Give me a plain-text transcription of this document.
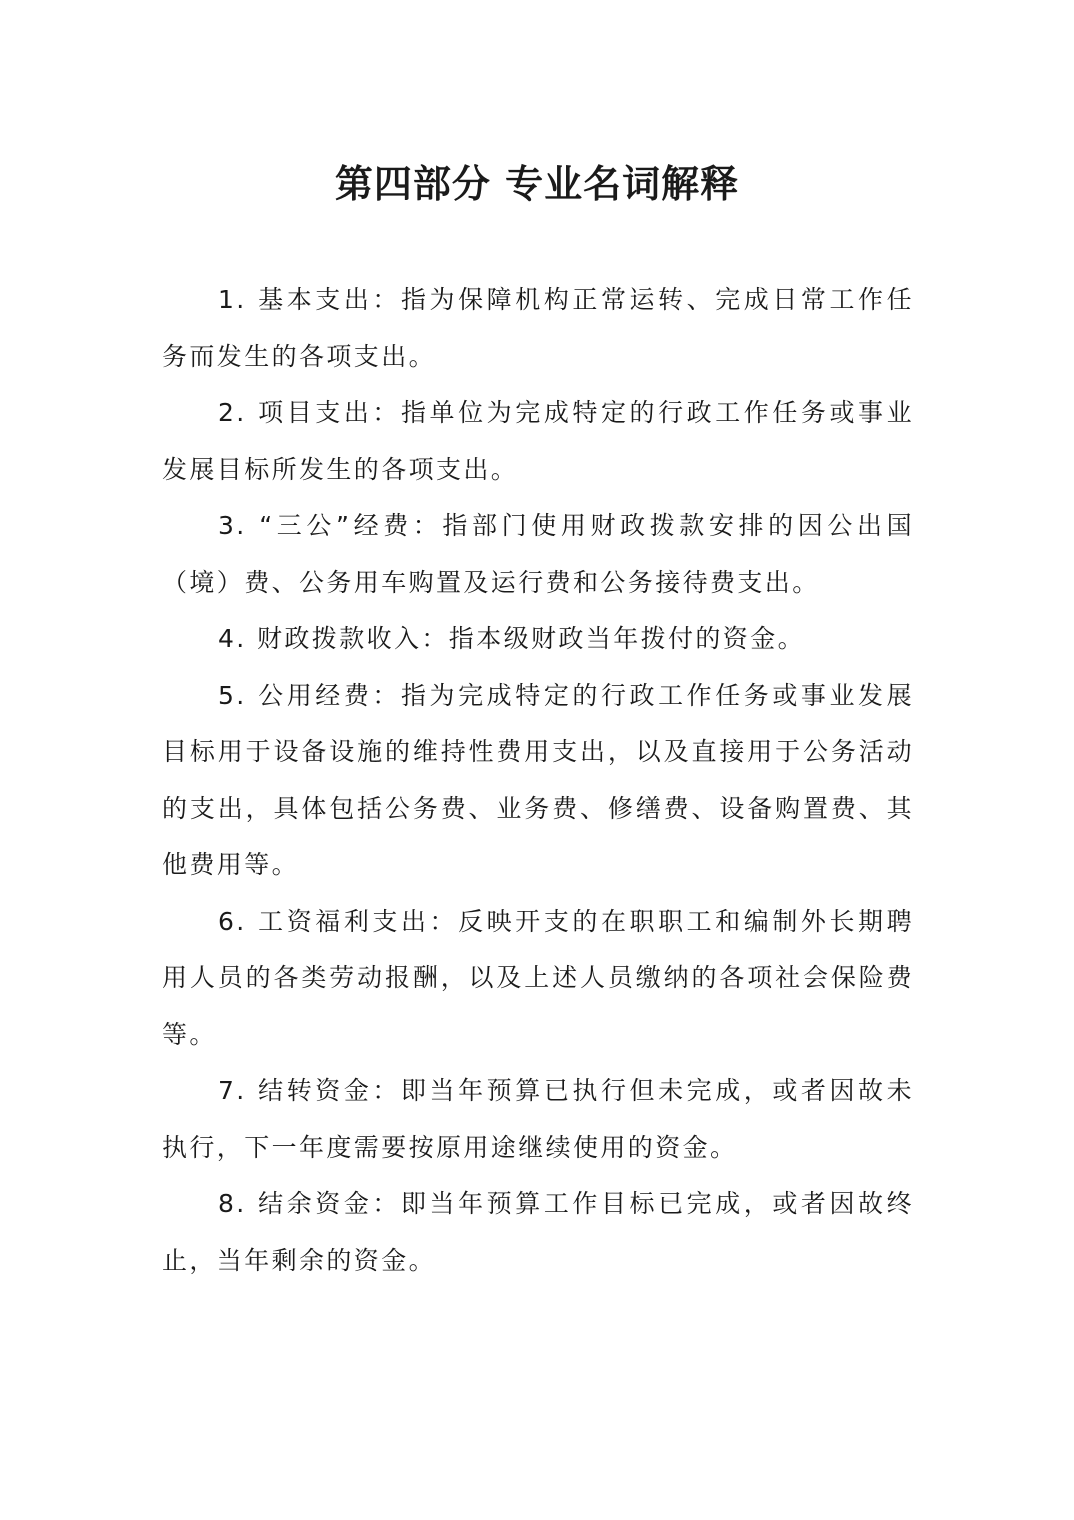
第四部分 专业名词解释

1. 基本支出：指为保障机构正常运转、完成日常工作任务而发生的各项支出。

2. 项目支出：指单位为完成特定的行政工作任务或事业发展目标所发生的各项支出。

3. “三公”经费：指部门使用财政拨款安排的因公出国（境）费、公务用车购置及运行费和公务接待费支出。

4. 财政拨款收入：指本级财政当年拨付的资金。

5. 公用经费：指为完成特定的行政工作任务或事业发展目标用于设备设施的维持性费用支出，以及直接用于公务活动的支出，具体包括公务费、业务费、修缮费、设备购置费、其他费用等。

6. 工资福利支出：反映开支的在职职工和编制外长期聘用人员的各类劳动报酬，以及上述人员缴纳的各项社会保险费等。

7. 结转资金：即当年预算已执行但未完成，或者因故未执行，下一年度需要按原用途继续使用的资金。

8. 结余资金：即当年预算工作目标已完成，或者因故终止，当年剩余的资金。
